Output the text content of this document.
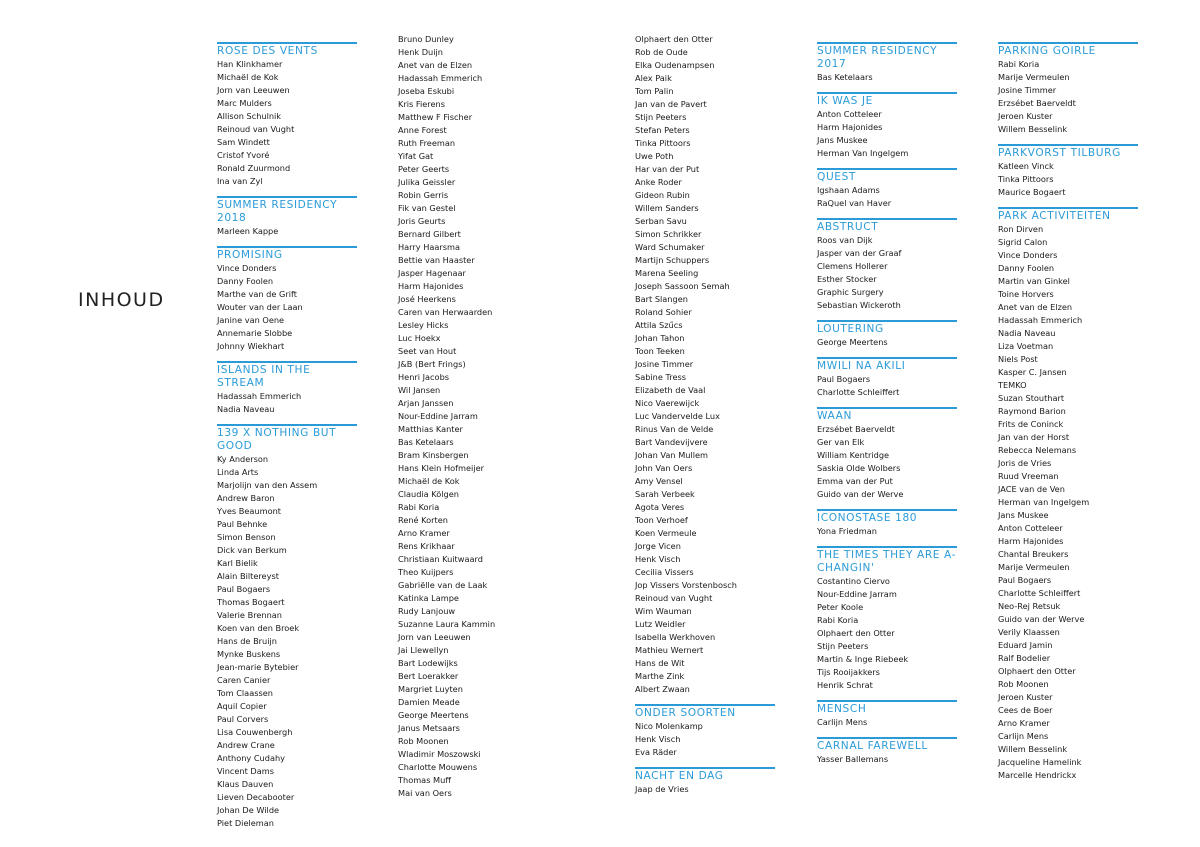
INHOUD
ROSE DES VENTS
Han Klinkhamer
Michaël de Kok
Jorn van Leeuwen
Marc Mulders
Allison Schulnik
Reinoud van Vught
Sam Windett
Cristof Yvoré
Ronald Zuurmond
Ina van Zyl
SUMMER RESIDENCY 2018
Marleen Kappe
PROMISING
Vince Donders
Danny Foolen
Marthe van de Grift
Wouter van der Laan
Janine van Oene
Annemarie Slobbe
Johnny Wiekhart
ISLANDS IN THE STREAM
Hadassah Emmerich
Nadia Naveau
139 X NOTHING BUT GOOD
Ky Anderson
Linda Arts
Marjolijn van den Assem
Andrew Baron
Yves Beaumont
Paul Behnke
Simon Benson
Dick van Berkum
Karl Bielik
Alain Biltereyst
Paul Bogaers
Thomas Bogaert
Valerie Brennan
Koen van den Broek
Hans de Bruijn
Mynke Buskens
Jean-marie Bytebier
Caren Canier
Tom Claassen
Aquil Copier
Paul Corvers
Lisa Couwenbergh
Andrew Crane
Anthony Cudahy
Vincent Dams
Klaus Dauven
Lieven Decabooter
Johan De Wilde
Piet Dieleman
Bruno Dunley
Henk Duijn
Anet van de Elzen
Hadassah Emmerich
Joseba Eskubi
Kris Fierens
Matthew F Fischer
Anne Forest
Ruth Freeman
Yifat Gat
Peter Geerts
Julika Geissler
Robin Gerris
Fik van Gestel
Joris Geurts
Bernard Gilbert
Harry Haarsma
Bettie van Haaster
Jasper Hagenaar
Harm Hajonides
José Heerkens
Caren van Herwaarden
Lesley Hicks
Luc Hoekx
Seet van Hout
J&B (Bert Frings)
Henri Jacobs
Wil Jansen
Arjan Janssen
Nour-Eddine Jarram
Matthias Kanter
Bas Ketelaars
Bram Kinsbergen
Hans Klein Hofmeijer
Michaël de Kok
Claudia Kölgen
Rabi Koria
René Korten
Arno Kramer
Rens Krikhaar
Christiaan Kuitwaard
Theo Kuijpers
Gabriëlle van de Laak
Katinka Lampe
Rudy Lanjouw
Suzanne Laura Kammin
Jorn van Leeuwen
Jai Llewellyn
Bart Lodewijks
Bert Loerakker
Margriet Luyten
Damien Meade
George Meertens
Janus Metsaars
Rob Moonen
Wladimir Moszowski
Charlotte Mouwens
Thomas Muff
Mai van Oers
Olphaert den Otter
Rob de Oude
Elka Oudenampsen
Alex Paik
Tom Palin
Jan van de Pavert
Stijn Peeters
Stefan Peters
Tinka Pittoors
Uwe Poth
Har van der Put
Anke Roder
Gideon Rubin
Willem Sanders
Serban Savu
Simon Schrikker
Ward Schumaker
Martijn Schuppers
Marena Seeling
Joseph Sassoon Semah
Bart Slangen
Roland Sohier
Attila Szűcs
Johan Tahon
Toon Teeken
Josine Timmer
Sabine Tress
Elizabeth de Vaal
Nico Vaerewijck
Luc Vandervelde Lux
Rinus Van de Velde
Bart Vandevijvere
Johan Van Mullem
John Van Oers
Amy Vensel
Sarah Verbeek
Agota Veres
Toon Verhoef
Koen Vermeule
Jorge Vicen
Henk Visch
Cecilia Vissers
Jop Vissers Vorstenbosch
Reinoud van Vught
Wim Wauman
Lutz Weidler
Isabella Werkhoven
Mathieu Wernert
Hans de Wit
Marthe Zink
Albert Zwaan
ONDER SOORTEN
Nico Molenkamp
Henk Visch
Eva Räder
NACHT EN DAG
Jaap de Vries
SUMMER RESIDENCY 2017
Bas Ketelaars
IK WAS JE
Anton Cotteleer
Harm Hajonides
Jans Muskee
Herman Van Ingelgem
QUEST
Igshaan Adams
RaQuel van Haver
ABSTRUCT
Roos van Dijk
Jasper van der Graaf
Clemens Hollerer
Esther Stocker
Graphic Surgery
Sebastian Wickeroth
LOUTERING
George Meertens
MWILI NA AKILI
Paul Bogaers
Charlotte Schleiffert
WAAN
Erzsébet Baerveldt
Ger van Elk
William Kentridge
Saskia Olde Wolbers
Emma van der Put
Guido van der Werve
ICONOSTASE 180
Yona Friedman
THE TIMES THEY ARE A-CHANGIN'
Costantino Ciervo
Nour-Eddine Jarram
Peter Koole
Rabi Koria
Olphaert den Otter
Stijn Peeters
Martin & Inge Riebeek
Tijs Rooijakkers
Henrik Schrat
MENSCH
Carlijn Mens
CARNAL FAREWELL
Yasser Ballemans
PARKING GOIRLE
Rabi Koria
Marije Vermeulen
Josine Timmer
Erzsébet Baerveldt
Jeroen Kuster
Willem Besselink
PARKVORST TILBURG
Katleen Vinck
Tinka Pittoors
Maurice Bogaert
PARK ACTIVITEITEN
Ron Dirven
Sigrid Calon
Vince Donders
Danny Foolen
Martin van Ginkel
Toine Horvers
Anet van de Elzen
Hadassah Emmerich
Nadia Naveau
Liza Voetman
Niels Post
Kasper C. Jansen
TEMKO
Suzan Stouthart
Raymond Barion
Frits de Coninck
Jan van der Horst
Rebecca Nelemans
Joris de Vries
Ruud Vreeman
JACE van de Ven
Herman van Ingelgem
Jans Muskee
Anton Cotteleer
Harm Hajonides
Chantal Breukers
Marije Vermeulen
Paul Bogaers
Charlotte Schleiffert
Neo-Rej Retsuk
Guido van der Werve
Verily Klaassen
Eduard Jamin
Ralf Bodelier
Olphaert den Otter
Rob Moonen
Jeroen Kuster
Cees de Boer
Arno Kramer
Carlijn Mens
Willem Besselink
Jacqueline Hamelink
Marcelle Hendrickx
